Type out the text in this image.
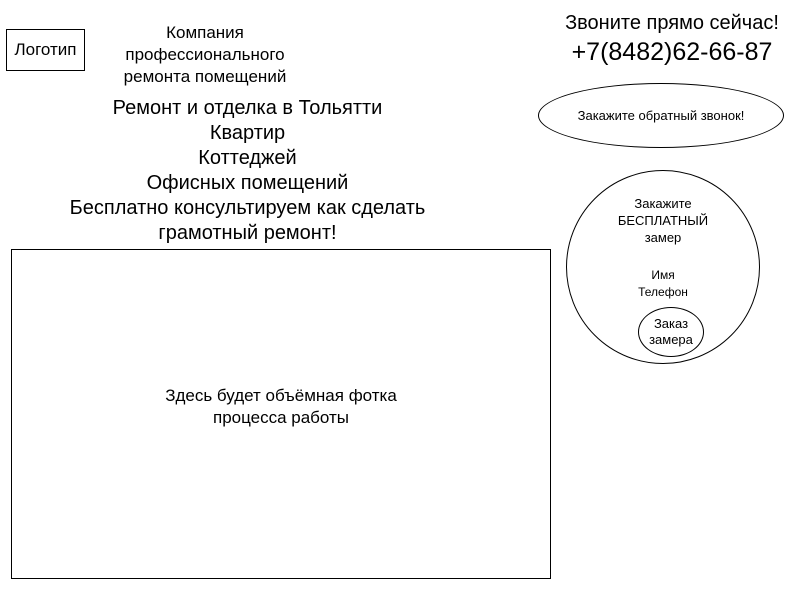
Логотип
Компания
профессионального
ремонта помещений
Звоните прямо сейчас!
+7(8482)62-66-87
Закажите обратный звонок!
Ремонт и отделка в Тольятти
Квартир
Коттеджей
Офисных помещений
Бесплатно консультируем как сделать
грамотный ремонт!
Здесь будет объёмная фотка
процесса работы
Закажите
БЕСПЛАТНЫЙ
замер
Имя
Телефон
Заказ
замера
